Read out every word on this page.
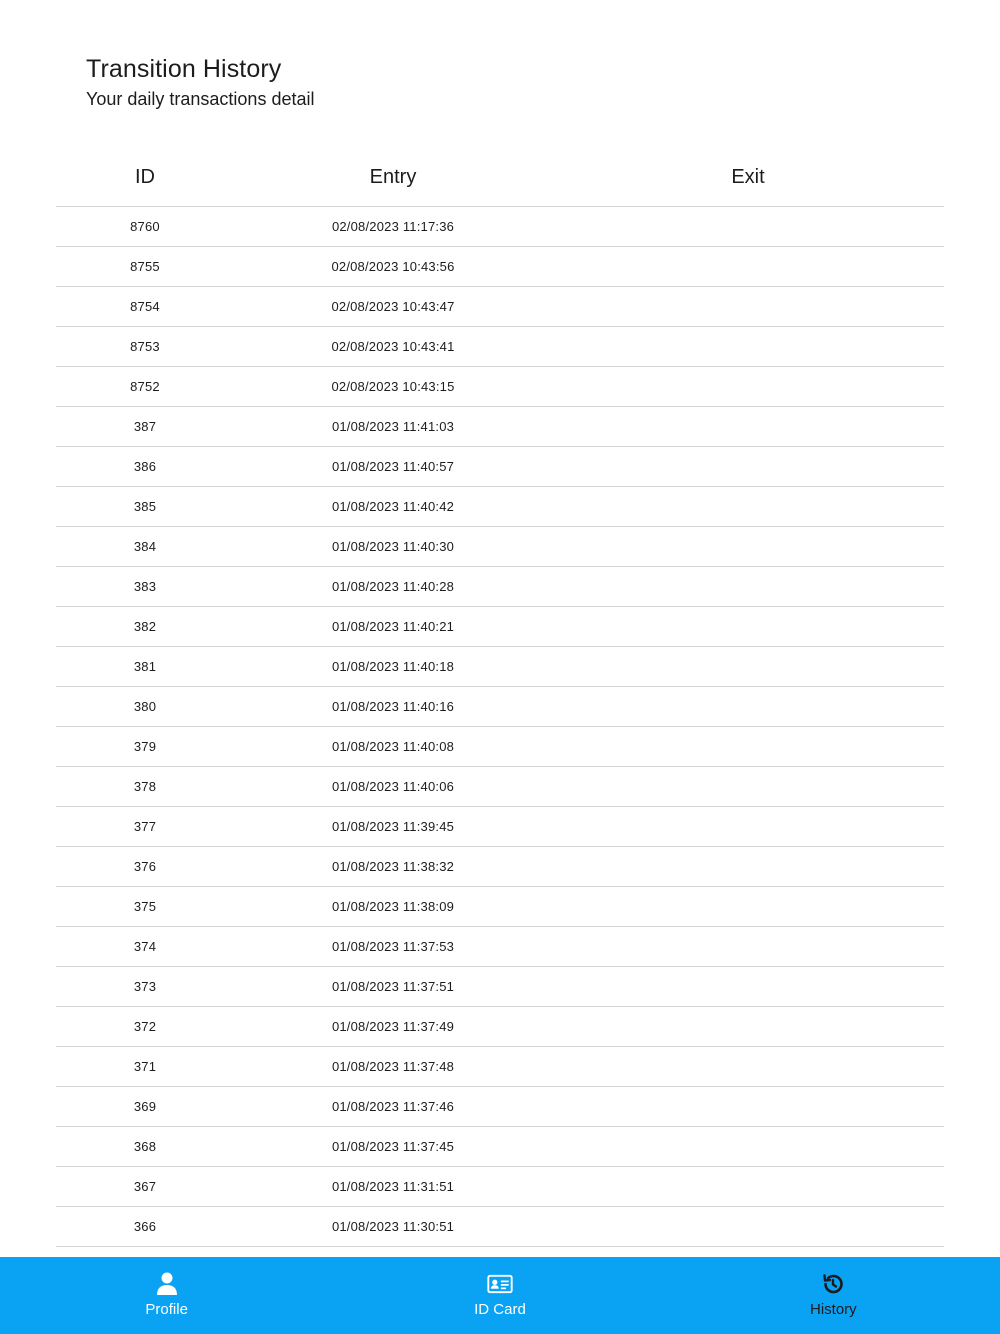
Transition History
Your daily transactions detail
ID	Entry	Exit
8760	02/08/2023 11:17:36
8755	02/08/2023 10:43:56
8754	02/08/2023 10:43:47
8753	02/08/2023 10:43:41
8752	02/08/2023 10:43:15
387	01/08/2023 11:41:03
386	01/08/2023 11:40:57
385	01/08/2023 11:40:42
384	01/08/2023 11:40:30
383	01/08/2023 11:40:28
382	01/08/2023 11:40:21
381	01/08/2023 11:40:18
380	01/08/2023 11:40:16
379	01/08/2023 11:40:08
378	01/08/2023 11:40:06
377	01/08/2023 11:39:45
376	01/08/2023 11:38:32
375	01/08/2023 11:38:09
374	01/08/2023 11:37:53
373	01/08/2023 11:37:51
372	01/08/2023 11:37:49
371	01/08/2023 11:37:48
369	01/08/2023 11:37:46
368	01/08/2023 11:37:45
367	01/08/2023 11:31:51
366	01/08/2023 11:30:51
Profile	ID Card	History
